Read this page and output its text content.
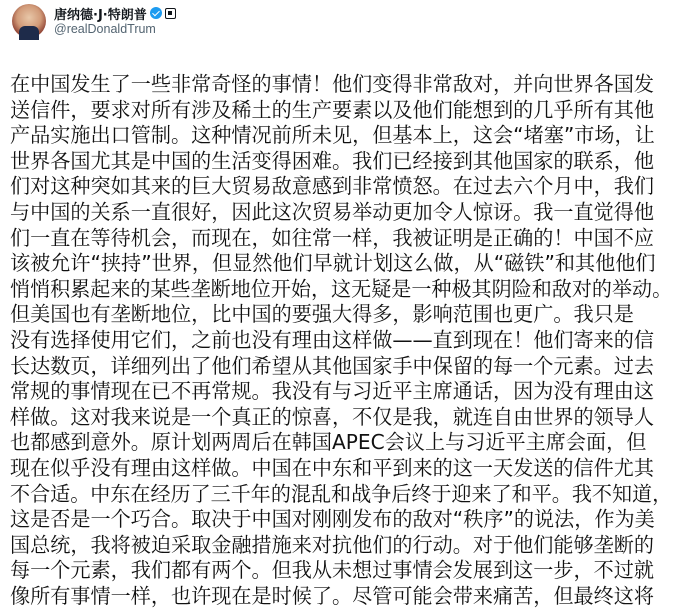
唐纳德·J·特朗普
@realDonaldTrum
在中国发生了一些非常奇怪的事情！他们变得非常敌对，并向世界各国发
送信件，要求对所有涉及稀土的生产要素以及他们能想到的几乎所有其他
产品实施出口管制。这种情况前所未见，但基本上，这会“堵塞”市场，让
世界各国尤其是中国的生活变得困难。我们已经接到其他国家的联系，他
们对这种突如其来的巨大贸易敌意感到非常愤怒。在过去六个月中，我们
与中国的关系一直很好，因此这次贸易举动更加令人惊讶。我一直觉得他
们一直在等待机会，而现在，如往常一样，我被证明是正确的！中国不应
该被允许“挟持”世界，但显然他们早就计划这么做，从“磁铁”和其他他们
悄悄积累起来的某些垄断地位开始，这无疑是一种极其阴险和敌对的举动。
但美国也有垄断地位，比中国的要强大得多，影响范围也更广。我只是
没有选择使用它们，之前也没有理由这样做——直到现在！他们寄来的信
长达数页，详细列出了他们希望从其他国家手中保留的每一个元素。过去
常规的事情现在已不再常规。我没有与习近平主席通话，因为没有理由这
样做。这对我来说是一个真正的惊喜，不仅是我，就连自由世界的领导人
也都感到意外。原计划两周后在韩国APEC会议上与习近平主席会面，但
现在似乎没有理由这样做。中国在中东和平到来的这一天发送的信件尤其
不合适。中东在经历了三千年的混乱和战争后终于迎来了和平。我不知道，
这是否是一个巧合。取决于中国对刚刚发布的敌对“秩序”的说法，作为美
国总统，我将被迫采取金融措施来对抗他们的行动。对于他们能够垄断的
每一个元素，我们都有两个。但我从未想过事情会发展到这一步，不过就
像所有事情一样，也许现在是时候了。尽管可能会带来痛苦，但最终这将
